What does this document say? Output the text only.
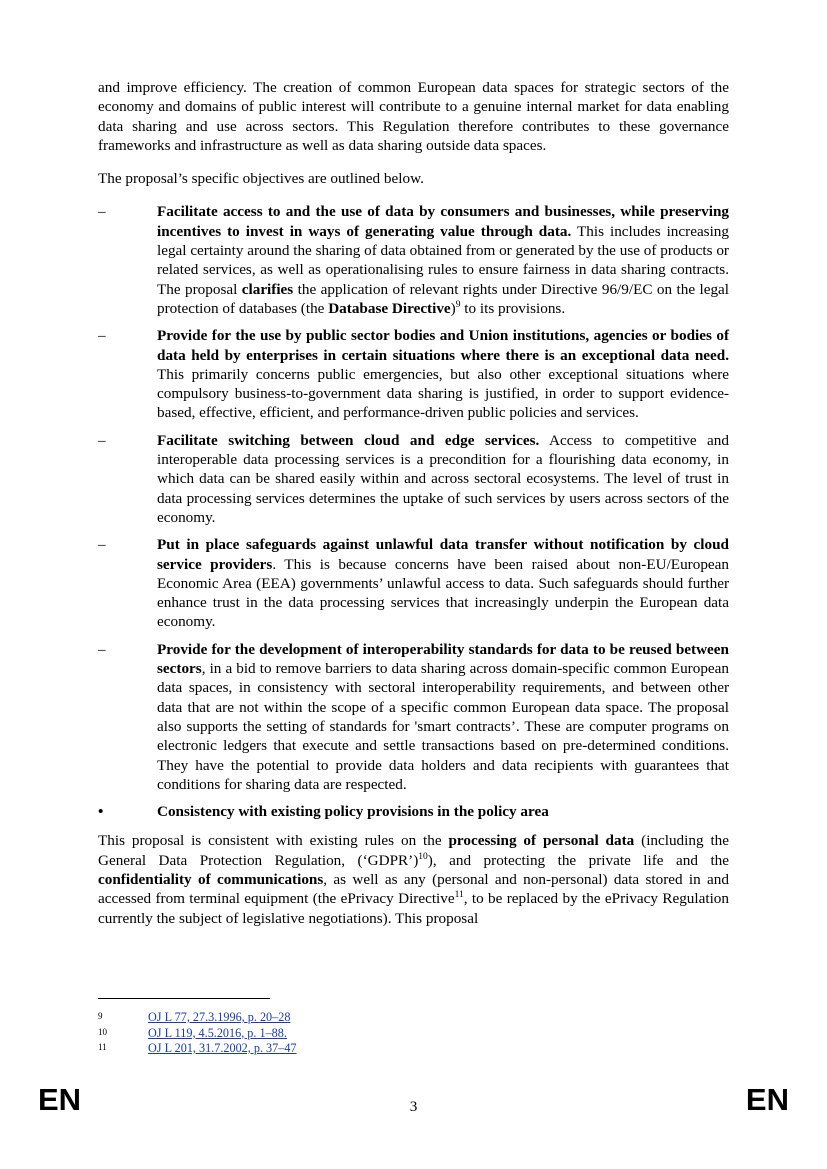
and improve efficiency. The creation of common European data spaces for strategic sectors of the economy and domains of public interest will contribute to a genuine internal market for data enabling data sharing and use across sectors. This Regulation therefore contributes to these governance frameworks and infrastructure as well as data sharing outside data spaces.

The proposal’s specific objectives are outlined below.

–	Facilitate access to and the use of data by consumers and businesses, while preserving incentives to invest in ways of generating value through data. This includes increasing legal certainty around the sharing of data obtained from or generated by the use of products or related services, as well as operationalising rules to ensure fairness in data sharing contracts. The proposal clarifies the application of relevant rights under Directive 96/9/EC on the legal protection of databases (the Database Directive)$^9$ to its provisions.

–	Provide for the use by public sector bodies and Union institutions, agencies or bodies of data held by enterprises in certain situations where there is an exceptional data need. This primarily concerns public emergencies, but also other exceptional situations where compulsory business-to-government data sharing is justified, in order to support evidence-based, effective, efficient, and performance-driven public policies and services.

–	Facilitate switching between cloud and edge services. Access to competitive and interoperable data processing services is a precondition for a flourishing data economy, in which data can be shared easily within and across sectoral ecosystems. The level of trust in data processing services determines the uptake of such services by users across sectors of the economy.

–	Put in place safeguards against unlawful data transfer without notification by cloud service providers. This is because concerns have been raised about non-EU/European Economic Area (EEA) governments’ unlawful access to data. Such safeguards should further enhance trust in the data processing services that increasingly underpin the European data economy.

–	Provide for the development of interoperability standards for data to be reused between sectors, in a bid to remove barriers to data sharing across domain-specific common European data spaces, in consistency with sectoral interoperability requirements, and between other data that are not within the scope of a specific common European data space. The proposal also supports the setting of standards for 'smart contracts’. These are computer programs on electronic ledgers that execute and settle transactions based on pre-determined conditions. They have the potential to provide data holders and data recipients with guarantees that conditions for sharing data are respected.

•	Consistency with existing policy provisions in the policy area

This proposal is consistent with existing rules on the processing of personal data (including the General Data Protection Regulation, (‘GDPR’)$^{10}$), and protecting the private life and the confidentiality of communications, as well as any (personal and non-personal) data stored in and accessed from terminal equipment (the ePrivacy Directive$^{11}$, to be replaced by the ePrivacy Regulation currently the subject of legislative negotiations). This proposal

9	OJ L 77, 27.3.1996, p. 20–28
10	OJ L 119, 4.5.2016, p. 1–88.
11	OJ L 201, 31.7.2002, p. 37–47
EN	3	EN
